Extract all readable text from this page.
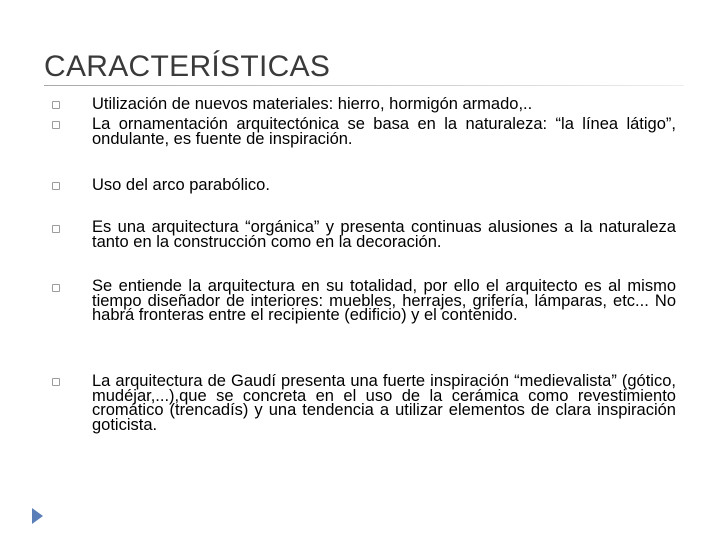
CARACTERÍSTICAS
Utilización de nuevos materiales: hierro, hormigón armado,..
La ornamentación arquitectónica se basa en la naturaleza: “la línea látigo”, ondulante, es fuente de inspiración.
Uso del arco parabólico.
Es una arquitectura “orgánica” y presenta continuas alusiones a la naturaleza tanto en la construcción como en la decoración.
Se entiende la arquitectura en su totalidad, por ello el arquitecto es al mismo tiempo diseñador de interiores: muebles, herrajes, grifería, lámparas, etc... No habrá fronteras entre el recipiente (edificio) y el contenido.
La arquitectura de Gaudí presenta una fuerte inspiración “medievalista” (gótico, mudéjar,...),que se concreta en el uso de la cerámica como revestimiento cromático (trencadís) y una tendencia a utilizar elementos de clara inspiración goticista.
